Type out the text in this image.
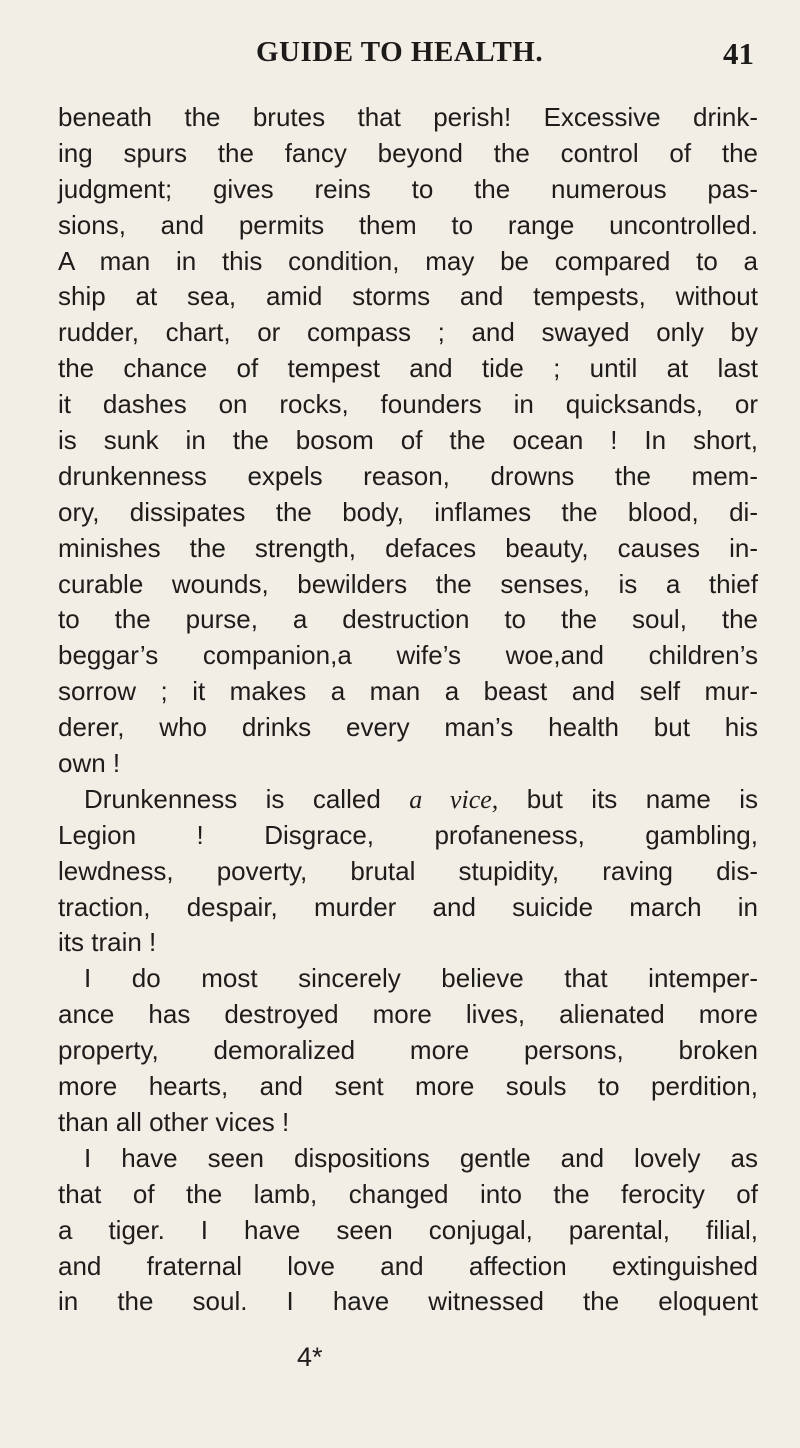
GUIDE TO HEALTH.	41
beneath the brutes that perish! Excessive drink-
ing spurs the fancy beyond the control of the
judgment; gives reins to the numerous pas-
sions, and permits them to range uncontrolled.
A man in this condition, may be compared to a
ship at sea, amid storms and tempests, without
rudder, chart, or compass ; and swayed only by
the chance of tempest and tide ; until at last
it dashes on rocks, founders in quicksands, or
is sunk in the bosom of the ocean ! In short,
drunkenness expels reason, drowns the mem-
ory, dissipates the body, inflames the blood, di-
minishes the strength, defaces beauty, causes in-
curable wounds, bewilders the senses, is a thief
to the purse, a destruction to the soul, the
beggar’s companion,a wife’s woe,and children’s
sorrow ; it makes a man a beast and self mur-
derer, who drinks every man’s health but his
own !
Drunkenness is called a vice, but its name is
Legion ! Disgrace, profaneness, gambling,
lewdness, poverty, brutal stupidity, raving dis-
traction, despair, murder and suicide march in
its train !
I do most sincerely believe that intemper-
ance has destroyed more lives, alienated more
property, demoralized more persons, broken
more hearts, and sent more souls to perdition,
than all other vices !
I have seen dispositions gentle and lovely as
that of the lamb, changed into the ferocity of
a tiger. I have seen conjugal, parental, filial,
and fraternal love and affection extinguished
in the soul. I have witnessed the eloquent
4*
